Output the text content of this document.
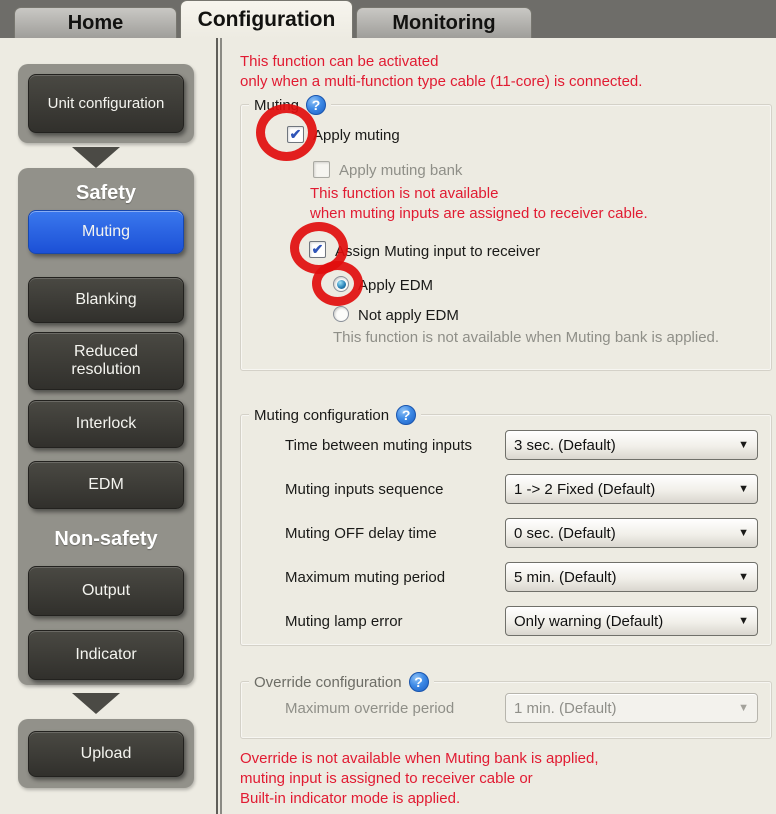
Home	Configuration	Monitoring
Unit configuration
Safety
Muting
Blanking
Reduced resolution
Interlock
EDM
Non-safety
Output
Indicator
Upload
This function can be activated
only when a multi-function type cable (11-core) is connected.
Muting ?
✔ Apply muting
Apply muting bank
This function is not available
when muting inputs are assigned to receiver cable.
✔ Assign Muting input to receiver
Apply EDM
Not apply EDM
This function is not available when Muting bank is applied.
Muting configuration ?
Time between muting inputs	3 sec. (Default)	▼
Muting inputs sequence	1 -> 2 Fixed (Default)	▼
Muting OFF delay time	0 sec. (Default)	▼
Maximum muting period	5 min. (Default)	▼
Muting lamp error	Only warning (Default)	▼
Override configuration ?
Maximum override period	1 min. (Default)	▼
Override is not available when Muting bank is applied,
muting input is assigned to receiver cable or
Built-in indicator mode is applied.
